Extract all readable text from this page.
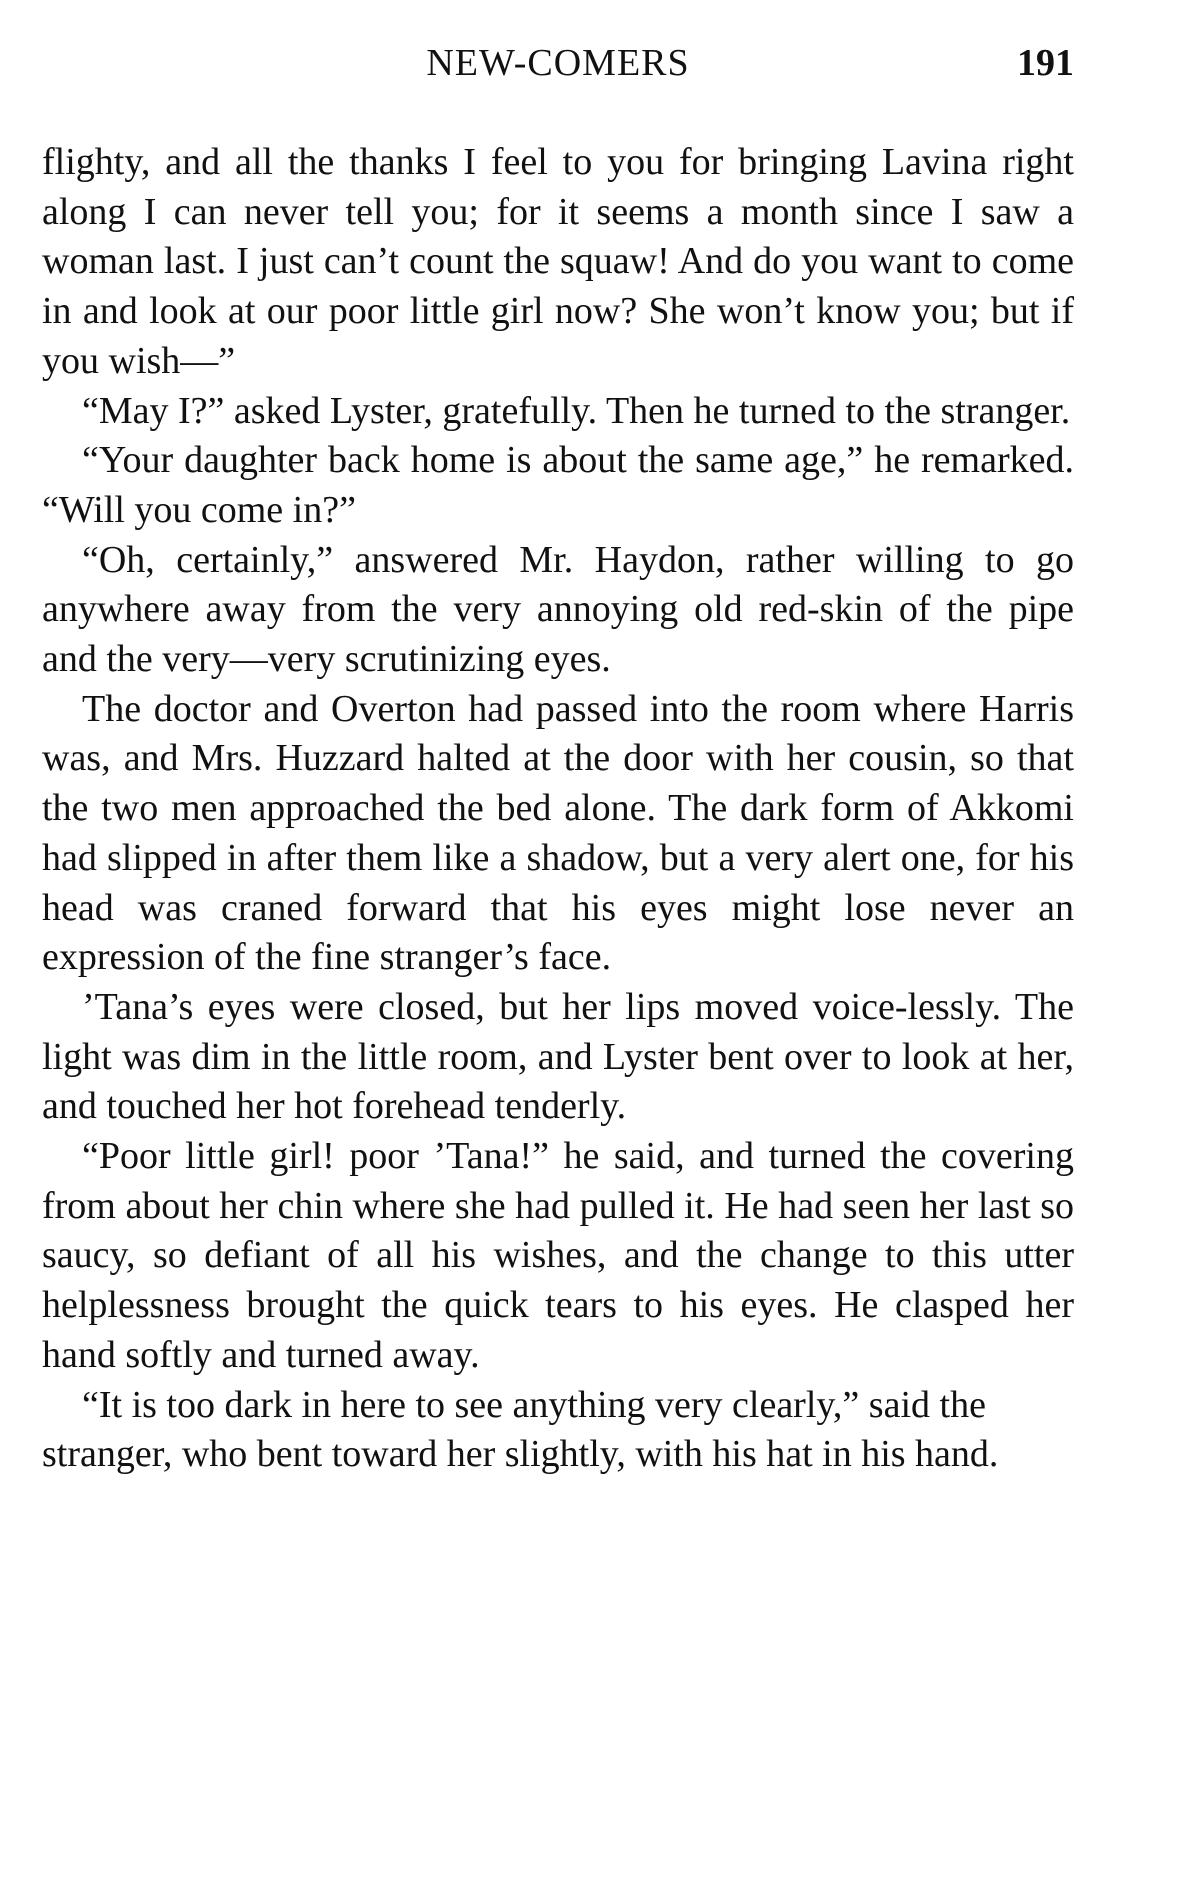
NEW-COMERS	191

flighty, and all the thanks I feel to you for bringing Lavina right along I can never tell you; for it seems a month since I saw a woman last. I just can’t count the squaw! And do you want to come in and look at our poor little girl now? She won’t know you; but if you wish—”

“May I?” asked Lyster, gratefully. Then he turned to the stranger.

“Your daughter back home is about the same age,” he remarked. “Will you come in?”

“Oh, certainly,” answered Mr. Haydon, rather willing to go anywhere away from the very annoying old red-skin of the pipe and the very—very scrutinizing eyes.

The doctor and Overton had passed into the room where Harris was, and Mrs. Huzzard halted at the door with her cousin, so that the two men approached the bed alone. The dark form of Akkomi had slipped in after them like a shadow, but a very alert one, for his head was craned forward that his eyes might lose never an expression of the fine stranger’s face.

’Tana’s eyes were closed, but her lips moved voice-lessly. The light was dim in the little room, and Lyster bent over to look at her, and touched her hot forehead tenderly.

“Poor little girl! poor ’Tana!” he said, and turned the covering from about her chin where she had pulled it. He had seen her last so saucy, so defiant of all his wishes, and the change to this utter helplessness brought the quick tears to his eyes. He clasped her hand softly and turned away.

“It is too dark in here to see anything very clearly,” said the stranger, who bent toward her slightly, with his hat in his hand.
